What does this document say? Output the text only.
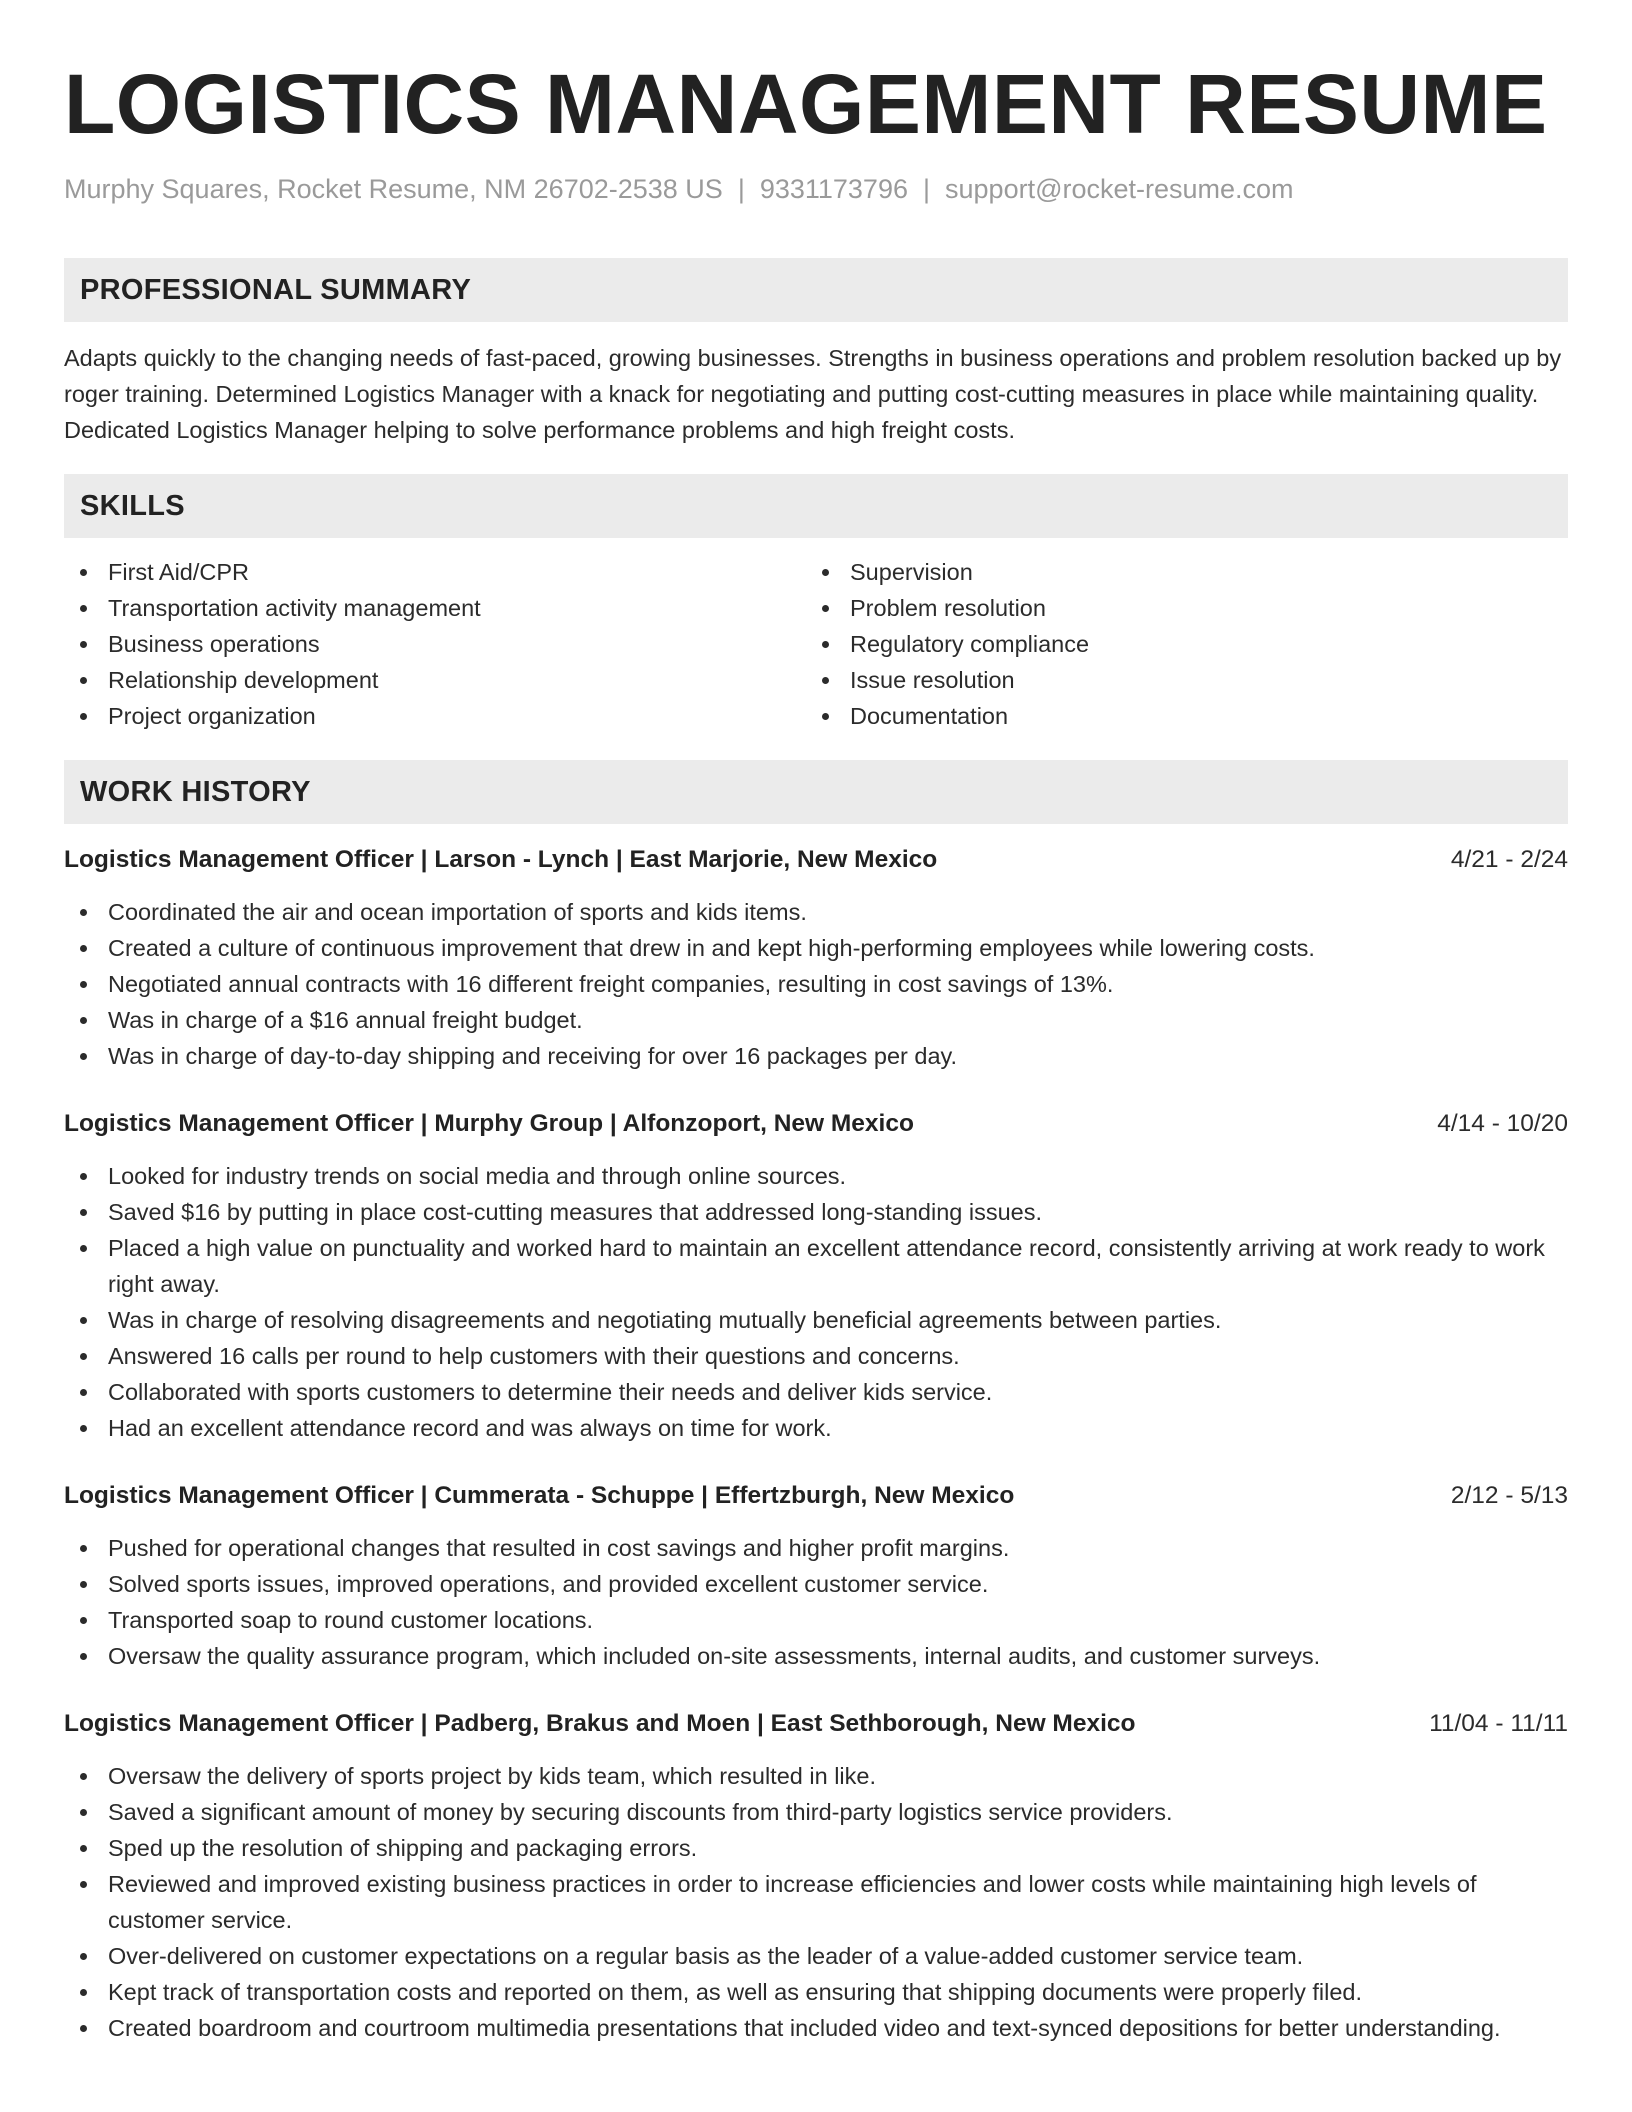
LOGISTICS MANAGEMENT RESUME
Murphy Squares, Rocket Resume, NM 26702-2538 US | 9331173796 | support@rocket-resume.com
PROFESSIONAL SUMMARY

Adapts quickly to the changing needs of fast-paced, growing businesses. Strengths in business operations and problem resolution backed up by roger training. Determined Logistics Manager with a knack for negotiating and putting cost-cutting measures in place while maintaining quality. Dedicated Logistics Manager helping to solve performance problems and high freight costs.

SKILLS
First Aid/CPR
Transportation activity management
Business operations
Relationship development
Project organization
Supervision
Problem resolution
Regulatory compliance
Issue resolution
Documentation
WORK HISTORY
Logistics Management Officer | Larson - Lynch | East Marjorie, New Mexico	4/21 - 2/24
Coordinated the air and ocean importation of sports and kids items.
Created a culture of continuous improvement that drew in and kept high-performing employees while lowering costs.
Negotiated annual contracts with 16 different freight companies, resulting in cost savings of 13%.
Was in charge of a $16 annual freight budget.
Was in charge of day-to-day shipping and receiving for over 16 packages per day.
Logistics Management Officer | Murphy Group | Alfonzoport, New Mexico	4/14 - 10/20
Looked for industry trends on social media and through online sources.
Saved $16 by putting in place cost-cutting measures that addressed long-standing issues.
Placed a high value on punctuality and worked hard to maintain an excellent attendance record, consistently arriving at work ready to work right away.
Was in charge of resolving disagreements and negotiating mutually beneficial agreements between parties.
Answered 16 calls per round to help customers with their questions and concerns.
Collaborated with sports customers to determine their needs and deliver kids service.
Had an excellent attendance record and was always on time for work.
Logistics Management Officer | Cummerata - Schuppe | Effertzburgh, New Mexico	2/12 - 5/13
Pushed for operational changes that resulted in cost savings and higher profit margins.
Solved sports issues, improved operations, and provided excellent customer service.
Transported soap to round customer locations.
Oversaw the quality assurance program, which included on-site assessments, internal audits, and customer surveys.
Logistics Management Officer | Padberg, Brakus and Moen | East Sethborough, New Mexico	11/04 - 11/11
Oversaw the delivery of sports project by kids team, which resulted in like.
Saved a significant amount of money by securing discounts from third-party logistics service providers.
Sped up the resolution of shipping and packaging errors.
Reviewed and improved existing business practices in order to increase efficiencies and lower costs while maintaining high levels of customer service.
Over-delivered on customer expectations on a regular basis as the leader of a value-added customer service team.
Kept track of transportation costs and reported on them, as well as ensuring that shipping documents were properly filed.
Created boardroom and courtroom multimedia presentations that included video and text-synced depositions for better understanding.
